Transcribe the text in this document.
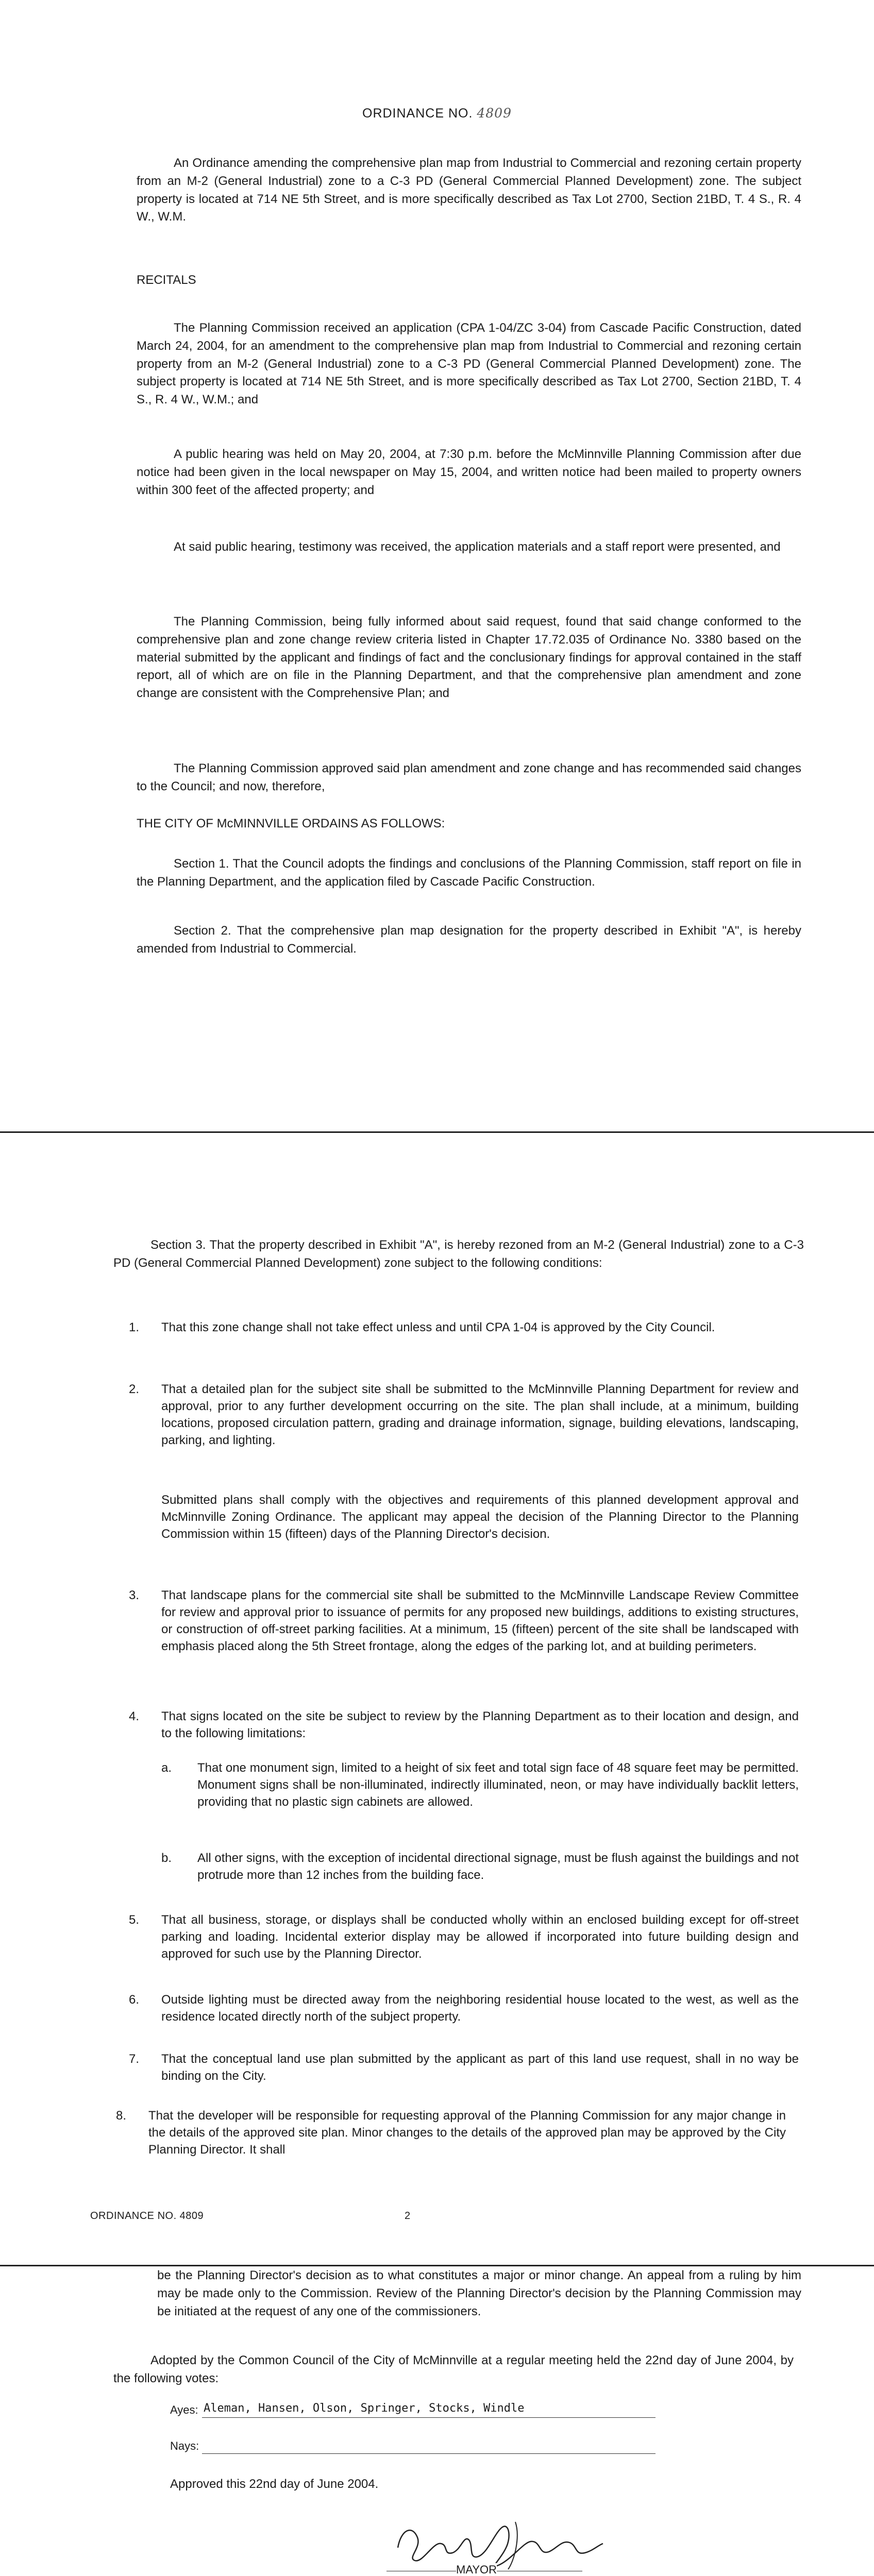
ORDINANCE NO. 4809

An Ordinance amending the comprehensive plan map from Industrial to Commercial and rezoning certain property from an M-2 (General Industrial) zone to a C-3 PD (General Commercial Planned Development) zone. The subject property is located at 714 NE 5th Street, and is more specifically described as Tax Lot 2700, Section 21BD, T. 4 S., R. 4 W., W.M.

RECITALS

The Planning Commission received an application (CPA 1-04/ZC 3-04) from Cascade Pacific Construction, dated March 24, 2004, for an amendment to the comprehensive plan map from Industrial to Commercial and rezoning certain property from an M-2 (General Industrial) zone to a C-3 PD (General Commercial Planned Development) zone. The subject property is located at 714 NE 5th Street, and is more specifically described as Tax Lot 2700, Section 21BD, T. 4 S., R. 4 W., W.M.; and

A public hearing was held on May 20, 2004, at 7:30 p.m. before the McMinnville Planning Commission after due notice had been given in the local newspaper on May 15, 2004, and written notice had been mailed to property owners within 300 feet of the affected property; and

At said public hearing, testimony was received, the application materials and a staff report were presented, and

The Planning Commission, being fully informed about said request, found that said change conformed to the comprehensive plan and zone change review criteria listed in Chapter 17.72.035 of Ordinance No. 3380 based on the material submitted by the applicant and findings of fact and the conclusionary findings for approval contained in the staff report, all of which are on file in the Planning Department, and that the comprehensive plan amendment and zone change are consistent with the Comprehensive Plan; and

The Planning Commission approved said plan amendment and zone change and has recommended said changes to the Council; and now, therefore,

THE CITY OF McMINNVILLE ORDAINS AS FOLLOWS:

Section 1. That the Council adopts the findings and conclusions of the Planning Commission, staff report on file in the Planning Department, and the application filed by Cascade Pacific Construction.

Section 2. That the comprehensive plan map designation for the property described in Exhibit "A", is hereby amended from Industrial to Commercial.

Section 3. That the property described in Exhibit "A", is hereby rezoned from an M-2 (General Industrial) zone to a C-3 PD (General Commercial Planned Development) zone subject to the following conditions:

1.	That this zone change shall not take effect unless and until CPA 1-04 is approved by the City Council.
2.	That a detailed plan for the subject site shall be submitted to the McMinnville Planning Department for review and approval, prior to any further development occurring on the site. The plan shall include, at a minimum, building locations, proposed circulation pattern, grading and drainage information, signage, building elevations, landscaping, parking, and lighting.
Submitted plans shall comply with the objectives and requirements of this planned development approval and McMinnville Zoning Ordinance. The applicant may appeal the decision of the Planning Director to the Planning Commission within 15 (fifteen) days of the Planning Director's decision.
3.	That landscape plans for the commercial site shall be submitted to the McMinnville Landscape Review Committee for review and approval prior to issuance of permits for any proposed new buildings, additions to existing structures, or construction of off-street parking facilities. At a minimum, 15 (fifteen) percent of the site shall be landscaped with emphasis placed along the 5th Street frontage, along the edges of the parking lot, and at building perimeters.
4.	That signs located on the site be subject to review by the Planning Department as to their location and design, and to the following limitations:
a. That one monument sign, limited to a height of six feet and total sign face of 48 square feet may be permitted. Monument signs shall be non-illuminated, indirectly illuminated, neon, or may have individually backlit letters, providing that no plastic sign cabinets are allowed.
b. All other signs, with the exception of incidental directional signage, must be flush against the buildings and not protrude more than 12 inches from the building face.
5.	That all business, storage, or displays shall be conducted wholly within an enclosed building except for off-street parking and loading. Incidental exterior display may be allowed if incorporated into future building design and approved for such use by the Planning Director.
6.	Outside lighting must be directed away from the neighboring residential house located to the west, as well as the residence located directly north of the subject property.
7.	That the conceptual land use plan submitted by the applicant as part of this land use request, shall in no way be binding on the City.
8.	That the developer will be responsible for requesting approval of the Planning Commission for any major change in the details of the approved site plan. Minor changes to the details of the approved plan may be approved by the City Planning Director. It shall
ORDINANCE NO. 4809	2

be the Planning Director's decision as to what constitutes a major or minor change. An appeal from a ruling by him may be made only to the Commission. Review of the Planning Director's decision by the Planning Commission may be initiated at the request of any one of the commissioners.

Adopted by the Common Council of the City of McMinnville at a regular meeting held the 22nd day of June 2004, by the following votes:

Ayes: Aleman, Hansen, Olson, Springer, Stocks, Windle
Nays:

Approved this 22nd day of June 2004.

MAYOR
